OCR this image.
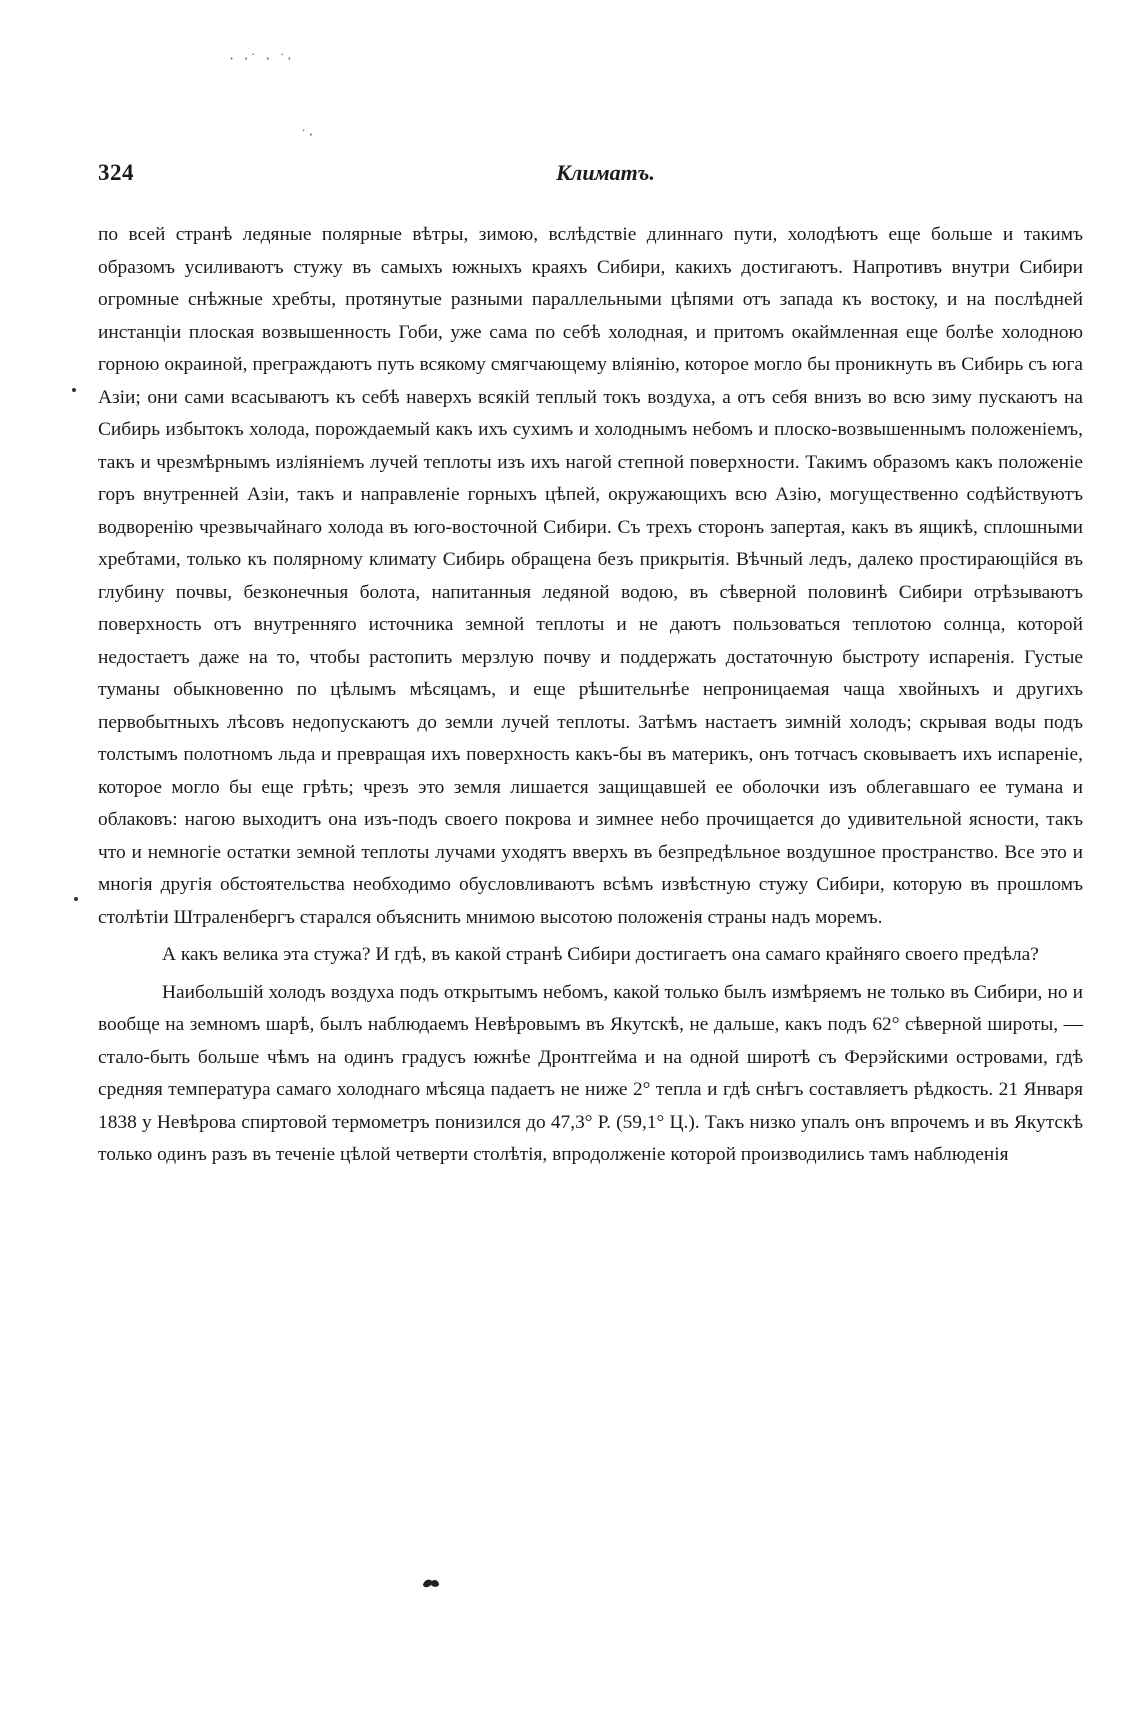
· ·˙ · ˙·
˙·
324	Климатъ.

по всей странѣ ледяные полярные вѣтры, зимою, вслѣдствіе длиннаго пути, холодѣютъ еще больше и такимъ образомъ усиливаютъ стужу въ самыхъ южныхъ краяхъ Сибири, какихъ достигаютъ. Напротивъ внутри Сибири огромные снѣжные хребты, протянутые разными параллельными цѣпями отъ запада къ востоку, и на послѣдней инстанціи плоская возвышенность Гоби, уже сама по себѣ холодная, и притомъ окаймленная еще болѣе холодною горною окраиной, преграждаютъ путь всякому смягчающему вліянію, которое могло бы проникнуть въ Сибирь съ юга Азіи; они сами всасываютъ къ себѣ наверхъ всякій теплый токъ воздуха, а отъ себя внизъ во всю зиму пускаютъ на Сибирь избытокъ холода, порождаемый какъ ихъ сухимъ и холоднымъ небомъ и плоско-возвышеннымъ положеніемъ, такъ и чрезмѣрнымъ изліяніемъ лучей теплоты изъ ихъ нагой степной поверхности. Такимъ образомъ какъ положеніе горъ внутренней Азіи, такъ и направленіе горныхъ цѣпей, окружающихъ всю Азію, могущественно содѣйствуютъ водворенію чрезвычайнаго холода въ юго-восточной Сибири. Съ трехъ сторонъ запертая, какъ въ ящикѣ, сплошными хребтами, только къ полярному климату Сибирь обращена безъ прикрытія. Вѣчный ледъ, далеко простирающійся въ глубину почвы, безконечныя болота, напитанныя ледяной водою, въ сѣверной половинѣ Сибири отрѣзываютъ поверхность отъ внутренняго источника земной теплоты и не даютъ пользоваться теплотою солнца, которой недостаетъ даже на то, чтобы растопить мерзлую почву и поддержать достаточную быстроту испаренія. Густые туманы обыкновенно по цѣлымъ мѣсяцамъ, и еще рѣшительнѣе непроницаемая чаща хвойныхъ и другихъ первобытныхъ лѣсовъ недопускаютъ до земли лучей теплоты. Затѣмъ настаетъ зимній холодъ; скрывая воды подъ толстымъ полотномъ льда и превращая ихъ поверхность какъ-бы въ материкъ, онъ тотчасъ сковываетъ ихъ испареніе, которое могло бы еще грѣть; чрезъ это земля лишается защищавшей ее оболочки изъ облегавшаго ее тумана и облаковъ: нагою выходитъ она изъ-подъ своего покрова и зимнее небо прочищается до удивительной ясности, такъ что и немногіе остатки земной теплоты лучами уходятъ вверхъ въ безпредѣльное воздушное пространство. Все это и многія другія обстоятельства необходимо обусловливаютъ всѣмъ извѣстную стужу Сибири, которую въ прошломъ столѣтіи Штраленбергъ старался объяснить мнимою высотою положенія страны надъ моремъ.

А какъ велика эта стужа? И гдѣ, въ какой странѣ Сибири достигаетъ она самаго крайняго своего предѣла?

Наибольшій холодъ воздуха подъ открытымъ небомъ, какой только былъ измѣряемъ не только въ Сибири, но и вообще на земномъ шарѣ, былъ наблюдаемъ Невѣровымъ въ Якутскѣ, не дальше, какъ подъ 62° сѣверной широты, — стало-быть больше чѣмъ на одинъ градусъ южнѣе Дронтгейма и на одной широтѣ съ Ферэйскими островами, гдѣ средняя температура самаго холоднаго мѣсяца падаетъ не ниже 2° тепла и гдѣ снѣгъ составляетъ рѣдкость. 21 Января 1838 у Невѣрова спиртовой термометръ понизился до 47,3° Р. (59,1° Ц.). Такъ низко упалъ онъ впрочемъ и въ Якутскѣ только одинъ разъ въ теченіе цѣлой четверти столѣтія, впродолженіе которой производились тамъ наблюденія
